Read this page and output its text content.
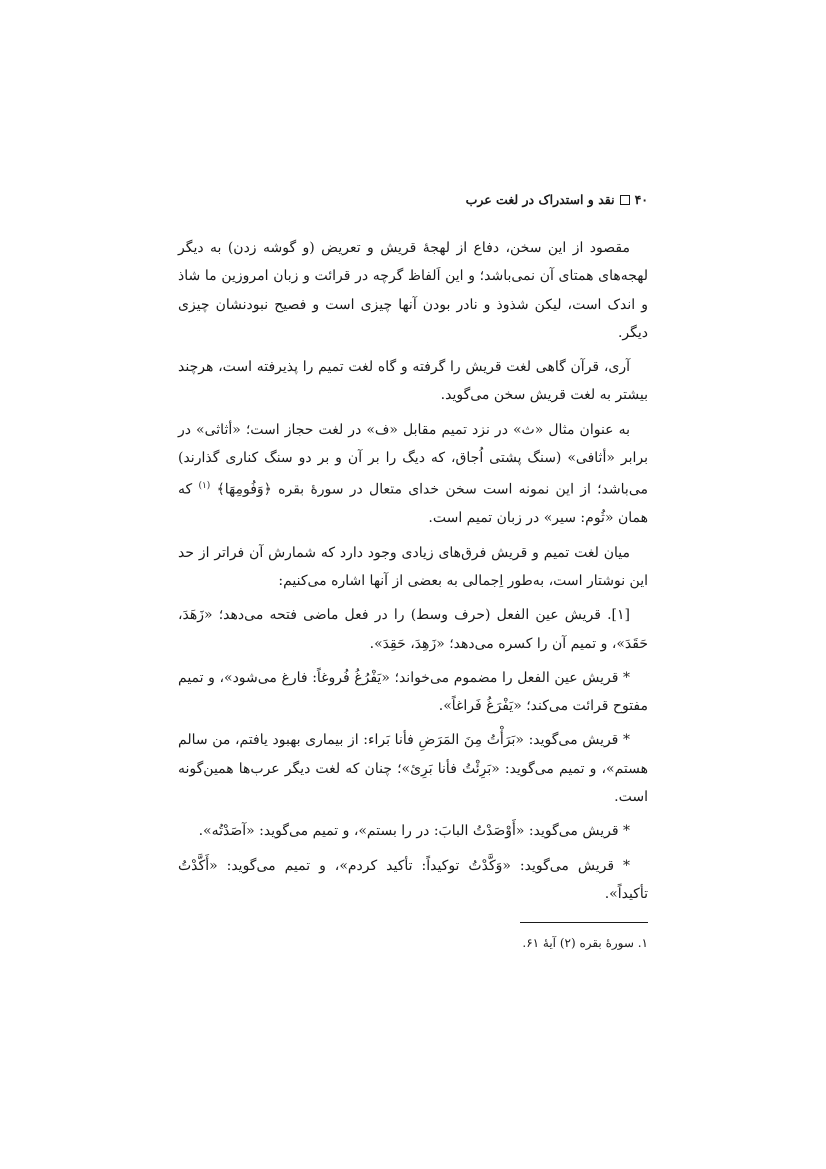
۴۰
نقد و استدراک در لغت عرب

مقصود از این سخن، دفاع از لهجهٔ قریش و تعریض (و گوشه زدن) به دیگر لهجه‌های همتای آن نمی‌باشد؛ و این اَلفاظ گرچه در قرائت و زبان امروزین ما شاذ و اندک است، لیکن شذوذ و نادر بودن آنها چیزی است و فصیح نبودنشان چیزی دیگر.

آری، قرآن گاهی لغت قریش را گرفته و گاه لغت تمیم را پذیرفته است، هرچند بیشتر به لغت قریش سخن می‌گوید.

به عنوان مثال «ث» در نزد تمیم مقابل «ف» در لغت حجاز است؛ «أثاثی» در برابر «أثافی» (سنگ پشتی اُجاق، که دیگ را بر آن و بر دو سنگ کناری گذارند) می‌باشد؛ از این نمونه است سخن خدای متعال در سورهٔ بقره ﴿وَفُومِهَا﴾ $^{(۱)}$ که همان «ثُوم: سیر» در زبان تمیم است.

میان لغت تمیم و قریش فرق‌های زیادی وجود دارد که شمارش آن فراتر از حد این نوشتار است، به‌طور اِجمالی به بعضی از آنها اشاره می‌کنیم:

[۱]. قریش عین الفعل (حرف وسط) را در فعل ماضی فتحه می‌دهد؛ «زَهَدَ، حَقَدَ»، و تمیم آن را کسره می‌دهد؛ «زَهِدَ، حَقِدَ».

* قریش عین الفعل را مضموم می‌خواند؛ «یَفْرُغُ فُروغاً: فارغ می‌شود»، و تمیم مفتوح قرائت می‌کند؛ «یَفْرَغُ فَراغاً».

* قریش می‌گوید: «بَرَأْتُ مِنَ المَرَضِ فأنا بَراء: از بیماری بهبود یافتم، من سالم هستم»، و تمیم می‌گوید: «بَرِئْتُ فأنا بَرِئ»؛ چنان که لغت دیگر عرب‌ها همین‌گونه است.

* قریش می‌گوید: «أَوْصَدْتُ البابَ: در را بستم»، و تمیم می‌گوید: «آصَدْتُه».

* قریش می‌گوید: «وَكَّدْتُ توكيداً: تأکید کردم»، و تمیم می‌گوید: «أَكَّدْتُ تأكيداً».

۱. سورهٔ بقره (۲) آیهٔ ۶۱.
